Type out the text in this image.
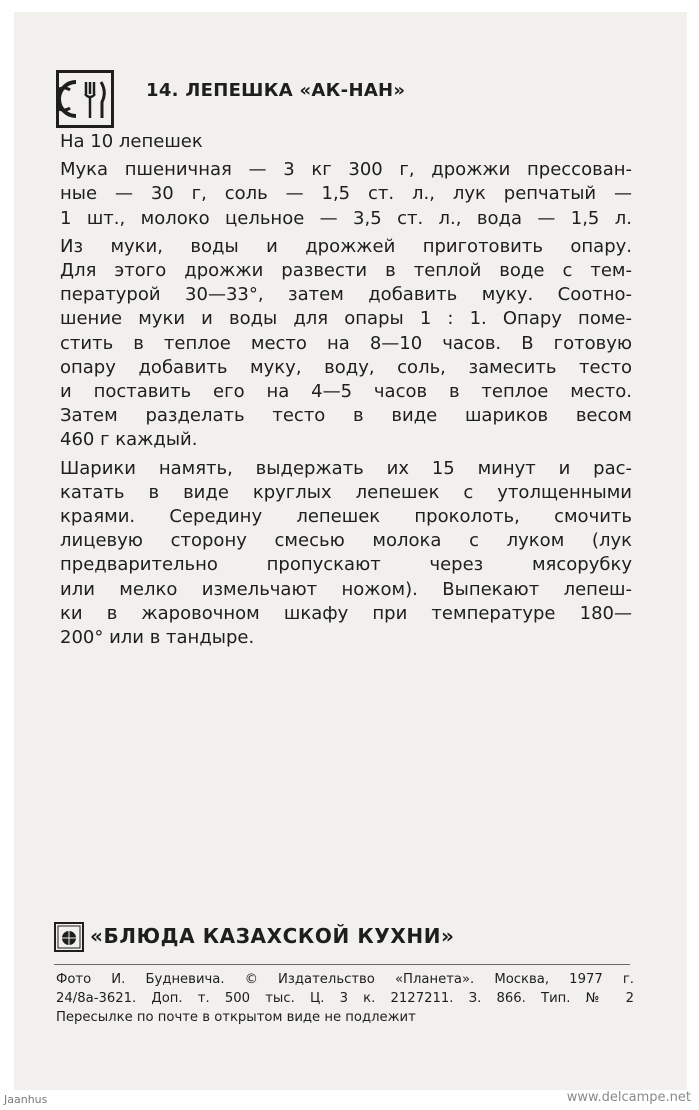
14. ЛЕПЕШКА «АК-НАН»
На 10 лепешек
Мука пшеничная — 3 кг 300 г, дрожжи прессован-
ные — 30 г, соль — 1,5 ст. л., лук репчатый —
1 шт., молоко цельное — 3,5 ст. л., вода — 1,5 л.
Из муки, воды и дрожжей приготовить опару.
Для этого дрожжи развести в теплой воде с тем-
пературой 30—33°, затем добавить муку. Соотно-
шение муки и воды для опары 1 : 1. Опару поме-
стить в теплое место на 8—10 часов. В готовую
опару добавить муку, воду, соль, замесить тесто
и поставить его на 4—5 часов в теплое место.
Затем разделать тесто в виде шариков весом
460 г каждый.
Шарики намять, выдержать их 15 минут и рас-
катать в виде круглых лепешек с утолщенными
краями. Середину лепешек проколоть, смочить
лицевую сторону смесью молока с луком (лук
предварительно пропускают через мясорубку
или мелко измельчают ножом). Выпекают лепеш-
ки в жаровочном шкафу при температуре 180—
200° или в тандыре.
«БЛЮДА КАЗАХСКОЙ КУХНИ»
Фото И. Будневича. © Издательство «Планета». Москва, 1977 г.
24/8а-3621. Доп. т. 500 тыс. Ц. 3 к. 2127211. З. 866. Тип. № 2
Пересылке по почте в открытом виде не подлежит
Jaanhus	www.delcampe.net
